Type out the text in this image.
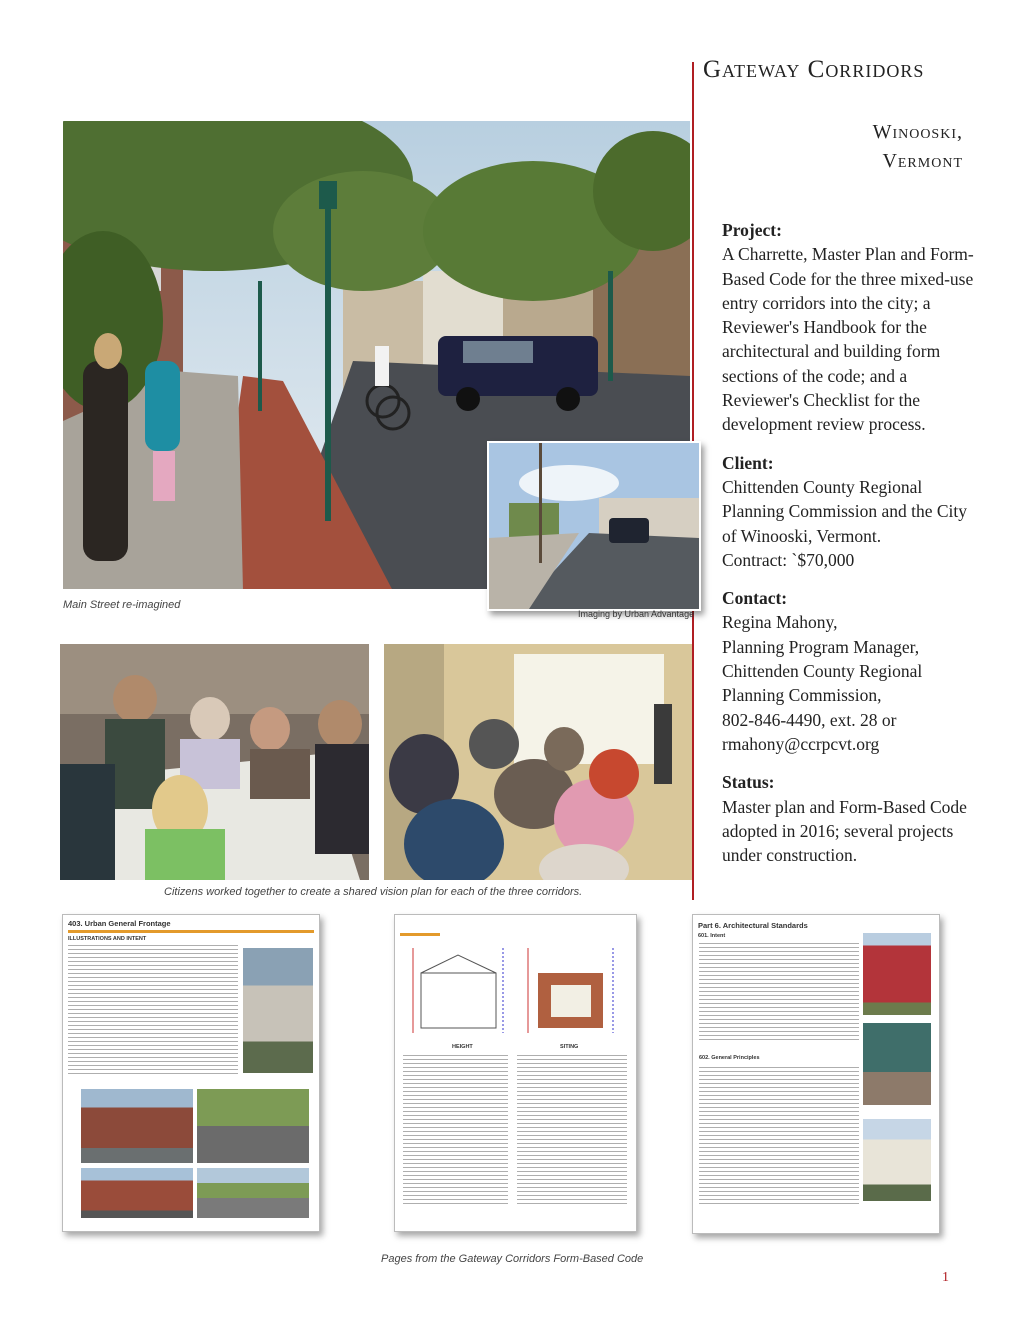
Gateway Corridors
Winooski,
Vermont
Project:
A Charrette, Master Plan and Form-Based Code for the three mixed-use entry corridors into the city; a Reviewer's Handbook for the architectural and building form sections of the code; and a Reviewer's Checklist for the development review process.
Client:
Chittenden County Regional Planning Commission and the City of Winooski, Vermont.
Contract: `$70,000
Contact:
Regina Mahony,
Planning Program Manager,
Chittenden County Regional Planning Commission,
802-846-4490, ext. 28 or
rmahony@ccrpcvt.org
Status:
Master plan and Form-Based Code adopted in 2016; several projects under construction.
Main Street re-imagined
Imaging by Urban Advantage
Citizens worked together to create a shared vision plan for each of the three corridors.
403. Urban General Frontage
ILLUSTRATIONS AND INTENT
HEIGHT	SITING
Part 6. Architectural Standards
601. Intent
602. General Principles
Pages from the Gateway Corridors Form-Based Code
1
